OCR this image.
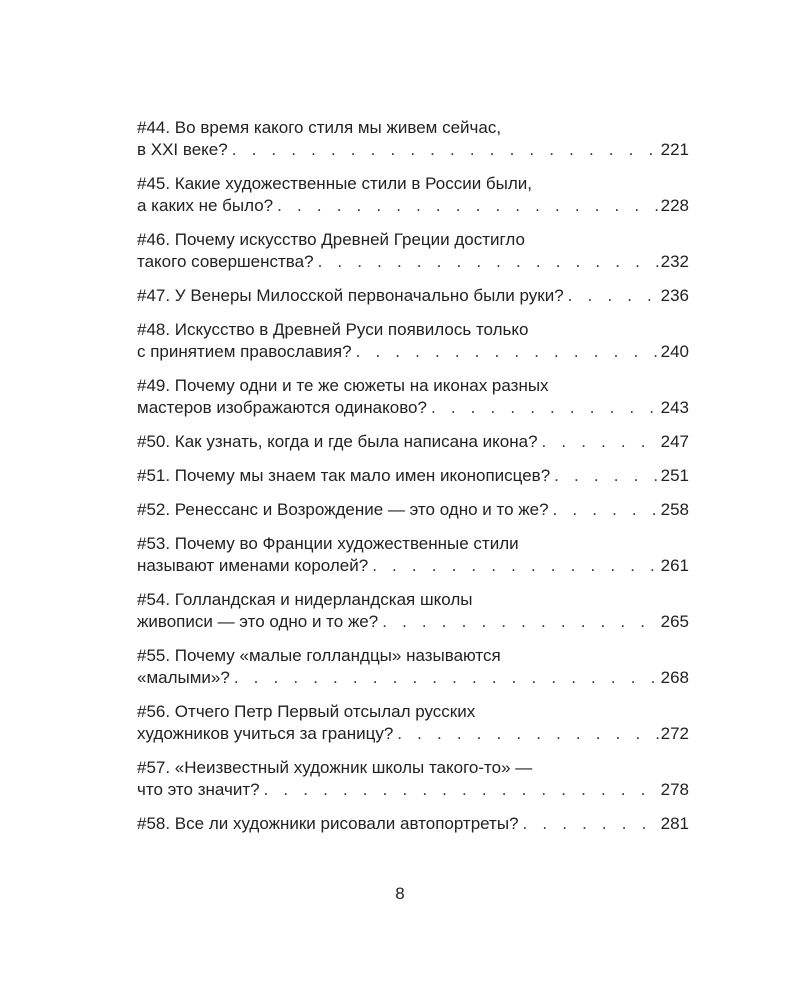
#44. Во время какого стиля мы живем сейчас,
в XXI веке? . . .	221
#45. Какие художественные стили в России были,
а каких не было? . . .	228
#46. Почему искусство Древней Греции достигло
такого совершенства? . . .	232
#47. У Венеры Милосской первоначально были руки? . . .	236
#48. Искусство в Древней Руси появилось только
с принятием православия? . . .	240
#49. Почему одни и те же сюжеты на иконах разных
мастеров изображаются одинаково? . . .	243
#50. Как узнать, когда и где была написана икона? . . .	247
#51. Почему мы знаем так мало имен иконописцев? . . .	251
#52. Ренессанс и Возрождение — это одно и то же? . . .	258
#53. Почему во Франции художественные стили
называют именами королей? . . .	261
#54. Голландская и нидерландская школы
живописи — это одно и то же? . . .	265
#55. Почему «малые голландцы» называются
«малыми»? . . .	268
#56. Отчего Петр Первый отсылал русских
художников учиться за границу? . . .	272
#57. «Неизвестный художник школы такого-то» —
что это значит? . . .	278
#58. Все ли художники рисовали автопортреты? . . .	281
8
